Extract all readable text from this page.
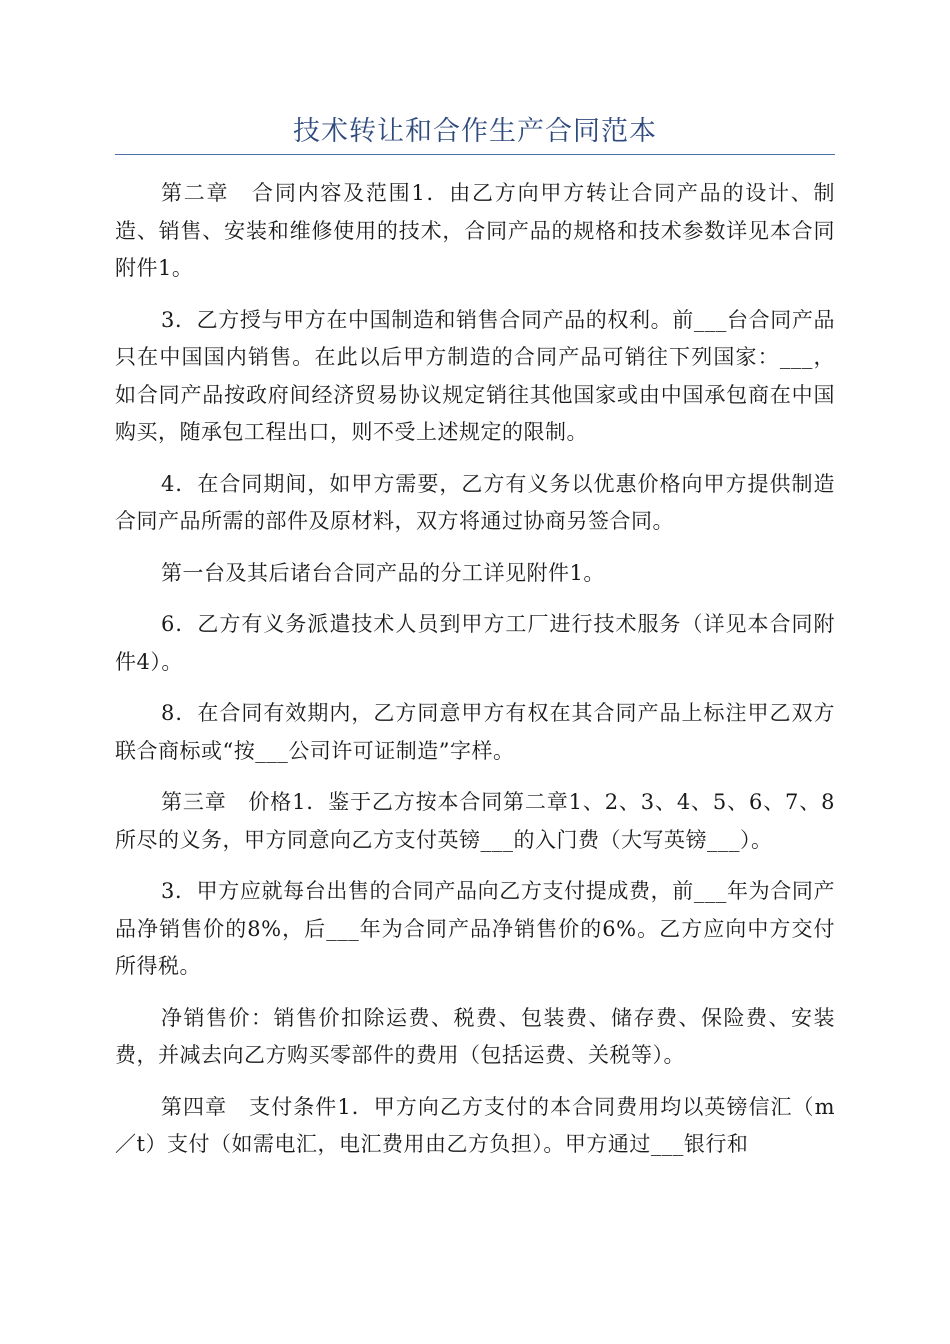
技术转让和合作生产合同范本

第二章　合同内容及范围1．由乙方向甲方转让合同产品的设计、制造、销售、安装和维修使用的技术，合同产品的规格和技术参数详见本合同附件1。

3．乙方授与甲方在中国制造和销售合同产品的权利。前___台合同产品只在中国国内销售。在此以后甲方制造的合同产品可销往下列国家：___，如合同产品按政府间经济贸易协议规定销往其他国家或由中国承包商在中国购买，随承包工程出口，则不受上述规定的限制。

4．在合同期间，如甲方需要，乙方有义务以优惠价格向甲方提供制造合同产品所需的部件及原材料，双方将通过协商另签合同。

第一台及其后诸台合同产品的分工详见附件1。

6．乙方有义务派遣技术人员到甲方工厂进行技术服务（详见本合同附件4）。

8．在合同有效期内，乙方同意甲方有权在其合同产品上标注甲乙双方联合商标或“按___公司许可证制造”字样。

第三章　价格1．鉴于乙方按本合同第二章1、2、3、4、5、6、7、8所尽的义务，甲方同意向乙方支付英镑___的入门费（大写英镑___）。

3．甲方应就每台出售的合同产品向乙方支付提成费，前___年为合同产品净销售价的8%，后___年为合同产品净销售价的6%。乙方应向中方交付所得税。

净销售价：销售价扣除运费、税费、包装费、储存费、保险费、安装费，并减去向乙方购买零部件的费用（包括运费、关税等）。

第四章　支付条件1．甲方向乙方支付的本合同费用均以英镑信汇（m／t）支付（如需电汇，电汇费用由乙方负担）。甲方通过___银行和
